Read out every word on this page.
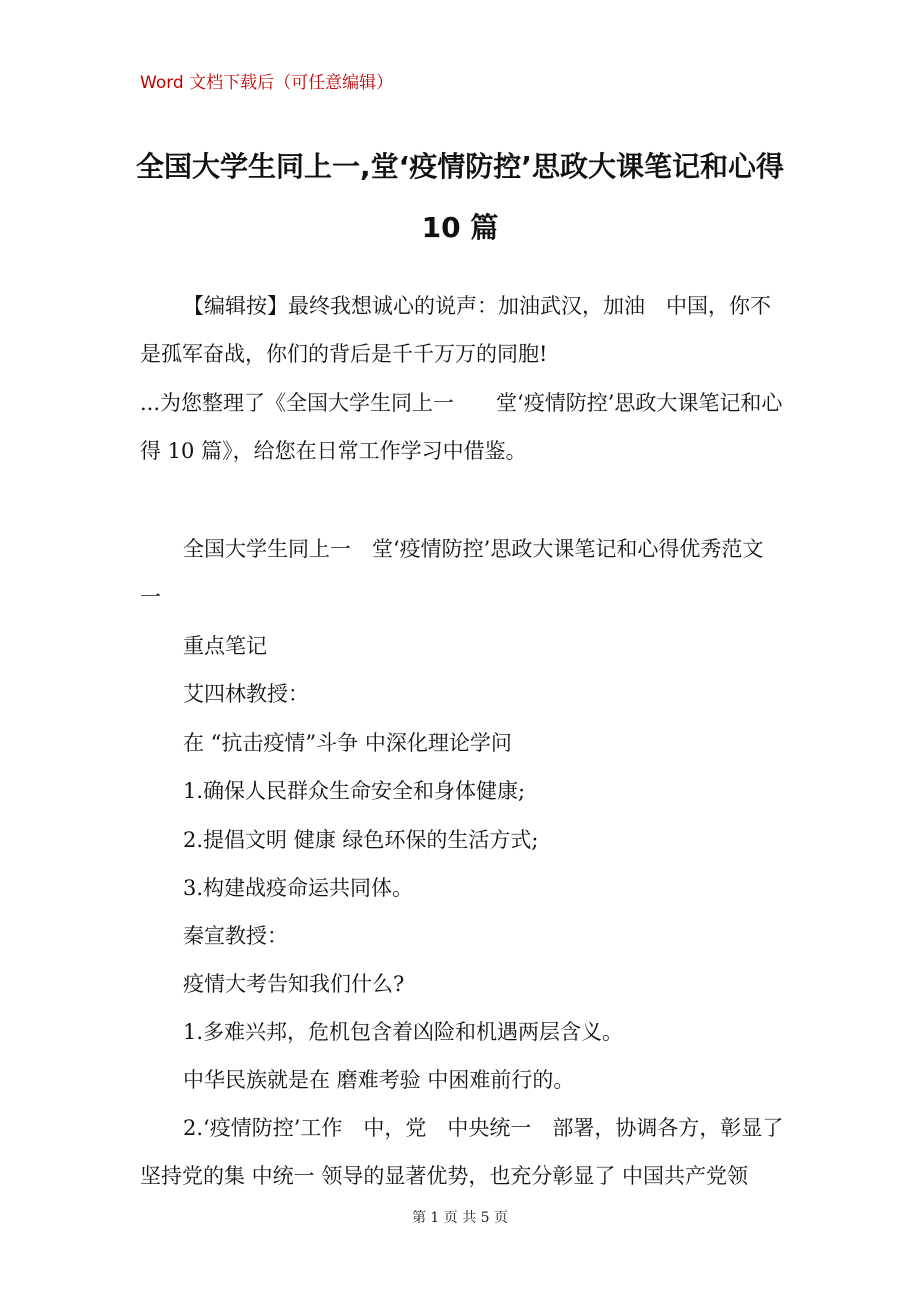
Word 文档下载后（可任意编辑）
全国大学生同上一,堂‘疫情防控’思政大课笔记和心得
10 篇
【编辑按】最终我想诚心的说声：加油武汉，加油　中国，你不
是孤军奋战，你们的背后是千千万万的同胞!
...为您整理了《全国大学生同上一　　堂‘疫情防控’思政大课笔记和心
得 10 篇》，给您在日常工作学习中借鉴。
全国大学生同上一　堂‘疫情防控’思政大课笔记和心得优秀范文
一
重点笔记
艾四林教授：
在 “抗击疫情”斗争 中深化理论学问
1.确保人民群众生命安全和身体健康;
2.提倡文明 健康 绿色环保的生活方式;
3.构建战疫命运共同体。
秦宣教授：
疫情大考告知我们什么?
1.多难兴邦，危机包含着凶险和机遇两层含义。
中华民族就是在 磨难考验 中困难前行的。
2.‘疫情防控’工作　中，党　中央统一　部署，协调各方，彰显了
坚持党的集 中统一 领导的显著优势，也充分彰显了 中国共产党领
第 1 页 共 5 页
